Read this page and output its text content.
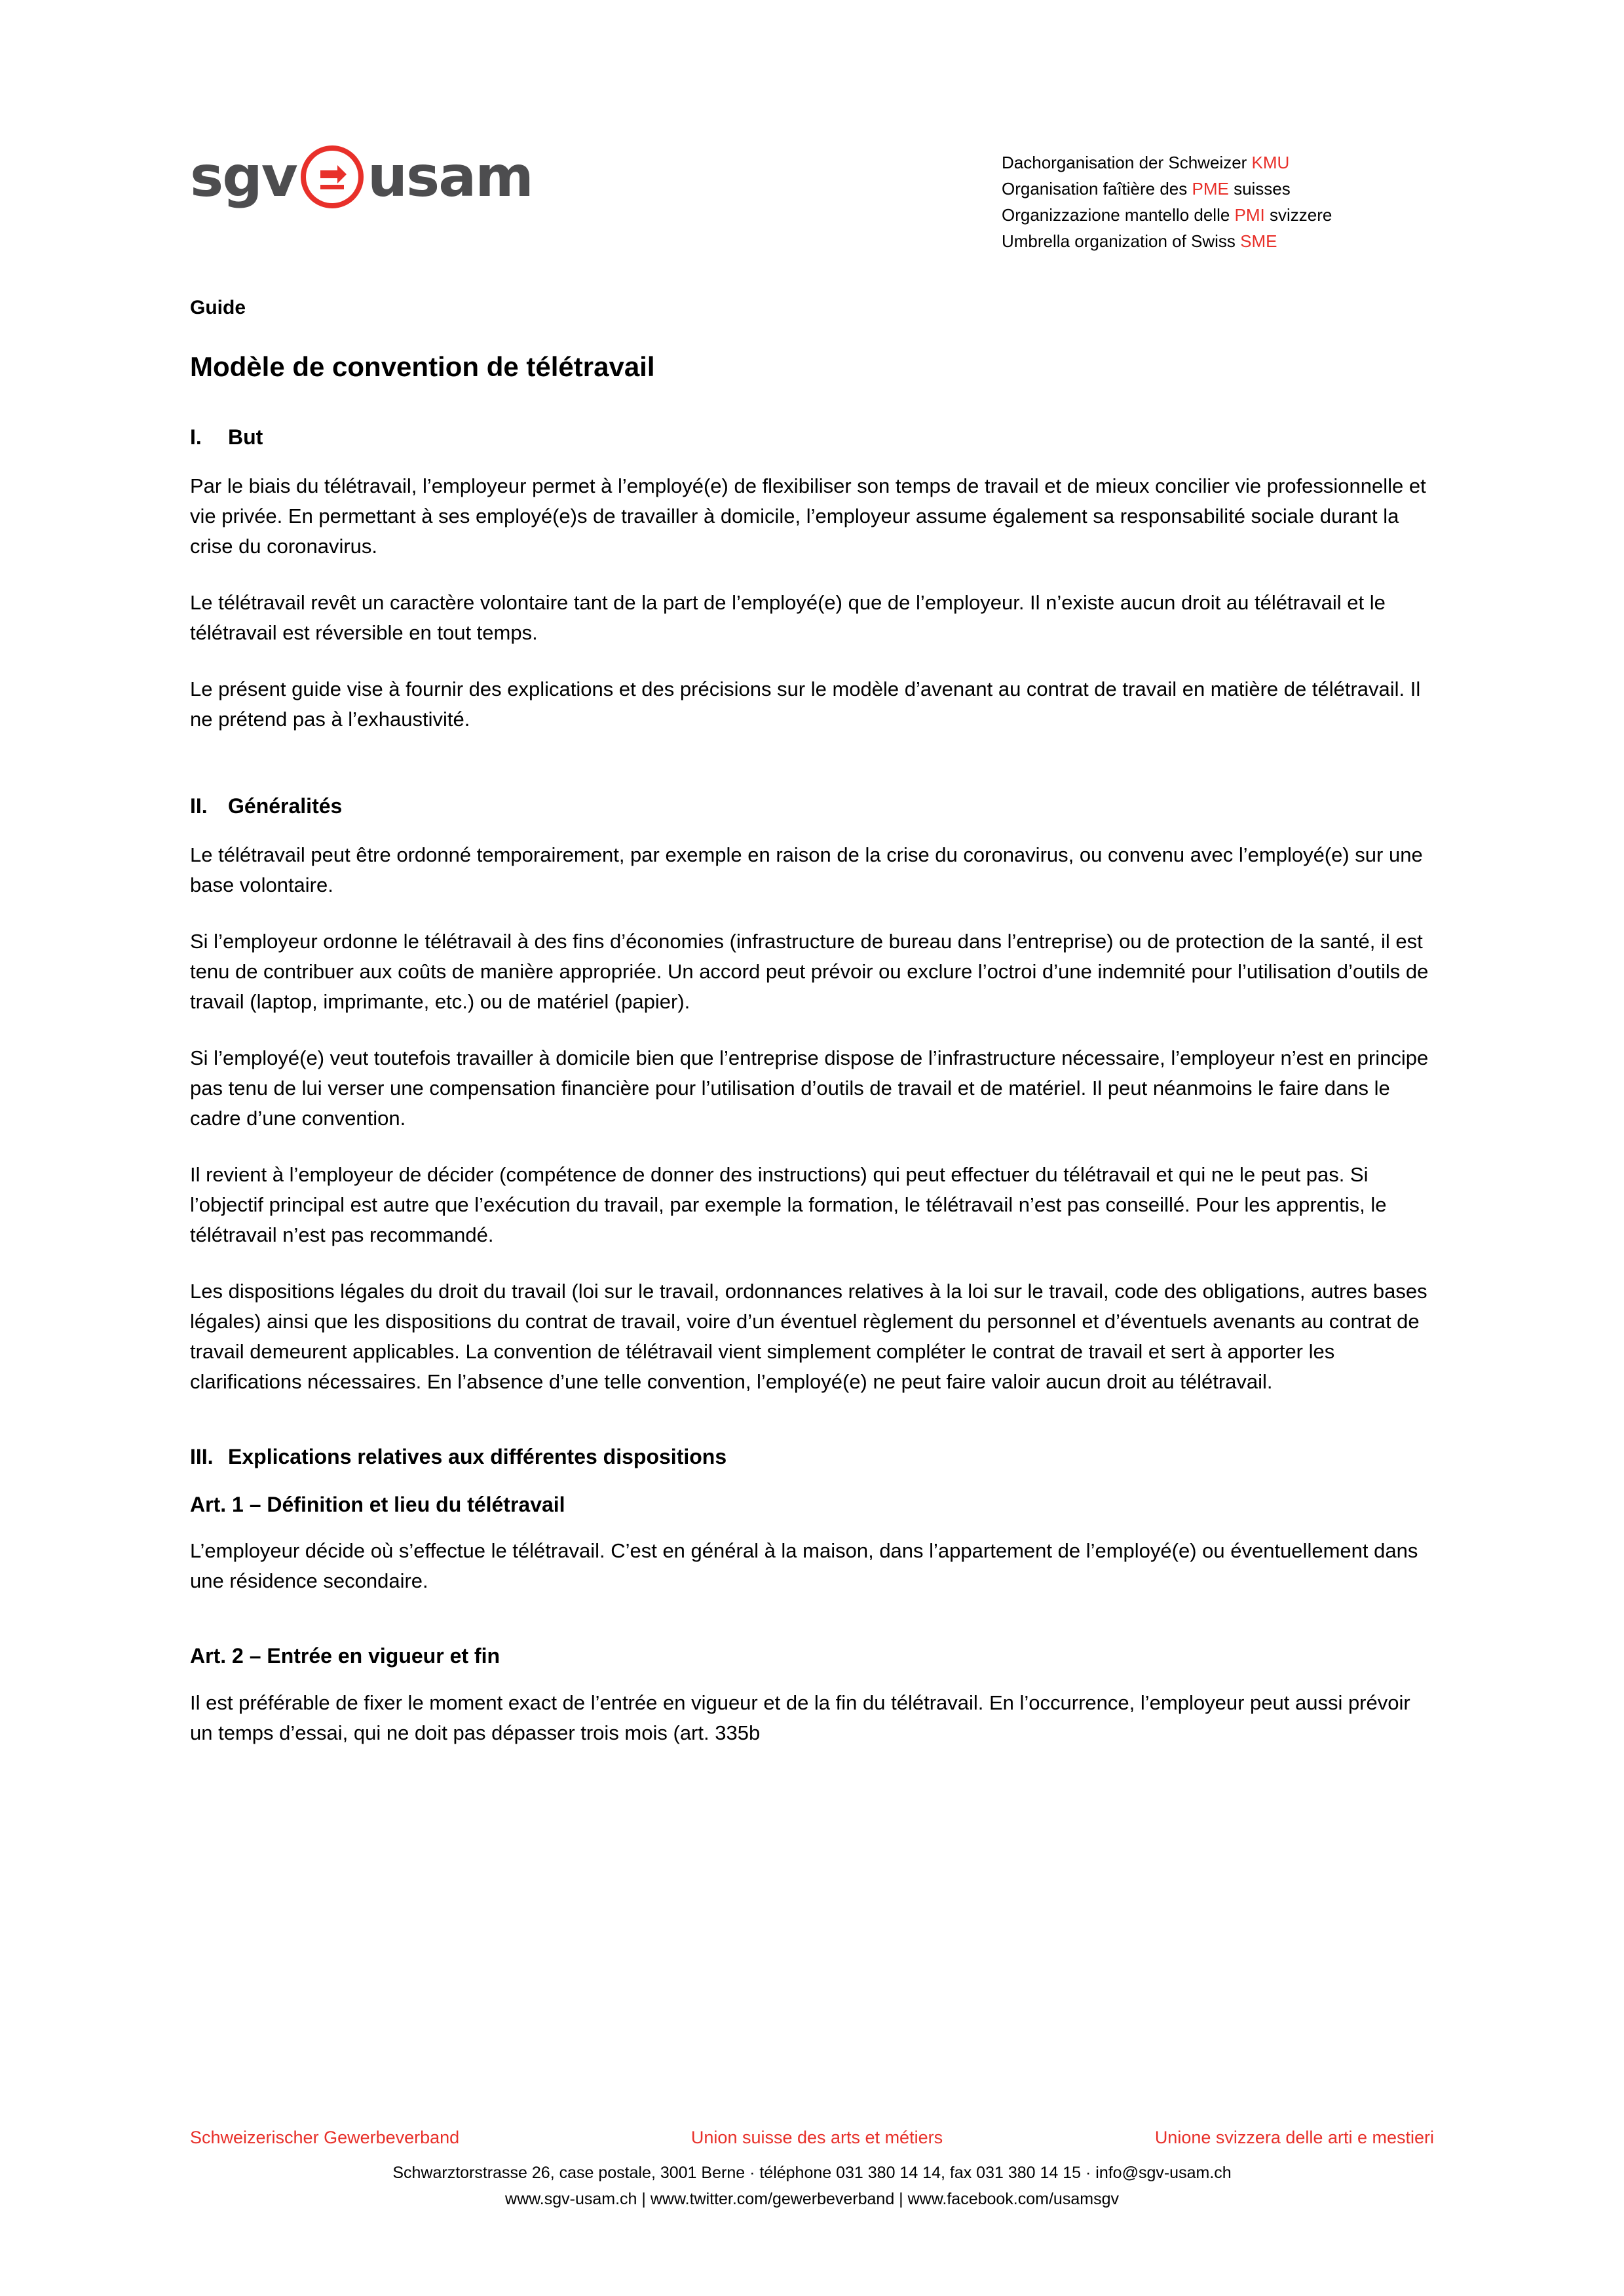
sgv usam	Dachorganisation der Schweizer KMU
Organisation faîtière des PME suisses
Organizzazione mantello delle PMI svizzere
Umbrella organization of Swiss SME
Guide
Modèle de convention de télétravail
I. But

Par le biais du télétravail, l’employeur permet à l’employé(e) de flexibiliser son temps de travail et de mieux concilier vie professionnelle et vie privée. En permettant à ses employé(e)s de travailler à domicile, l’employeur assume également sa responsabilité sociale durant la crise du coronavirus.

Le télétravail revêt un caractère volontaire tant de la part de l’employé(e) que de l’employeur. Il n’existe aucun droit au télétravail et le télétravail est réversible en tout temps.

Le présent guide vise à fournir des explications et des précisions sur le modèle d’avenant au contrat de travail en matière de télétravail. Il ne prétend pas à l’exhaustivité.

II. Généralités

Le télétravail peut être ordonné temporairement, par exemple en raison de la crise du coronavirus, ou convenu avec l’employé(e) sur une base volontaire.

Si l’employeur ordonne le télétravail à des fins d’économies (infrastructure de bureau dans l’entreprise) ou de protection de la santé, il est tenu de contribuer aux coûts de manière appropriée. Un accord peut prévoir ou exclure l’octroi d’une indemnité pour l’utilisation d’outils de travail (laptop, imprimante, etc.) ou de matériel (papier).

Si l’employé(e) veut toutefois travailler à domicile bien que l’entreprise dispose de l’infrastructure nécessaire, l’employeur n’est en principe pas tenu de lui verser une compensation financière pour l’utilisation d’outils de travail et de matériel. Il peut néanmoins le faire dans le cadre d’une convention.

Il revient à l’employeur de décider (compétence de donner des instructions) qui peut effectuer du télétravail et qui ne le peut pas. Si l’objectif principal est autre que l’exécution du travail, par exemple la formation, le télétravail n’est pas conseillé. Pour les apprentis, le télétravail n’est pas recommandé.

Les dispositions légales du droit du travail (loi sur le travail, ordonnances relatives à la loi sur le travail, code des obligations, autres bases légales) ainsi que les dispositions du contrat de travail, voire d’un éventuel règlement du personnel et d’éventuels avenants au contrat de travail demeurent applicables. La convention de télétravail vient simplement compléter le contrat de travail et sert à apporter les clarifications nécessaires. En l’absence d’une telle convention, l’employé(e) ne peut faire valoir aucun droit au télétravail.

III. Explications relatives aux différentes dispositions
Art. 1 – Définition et lieu du télétravail

L’employeur décide où s’effectue le télétravail. C’est en général à la maison, dans l’appartement de l’employé(e) ou éventuellement dans une résidence secondaire.

Art. 2 – Entrée en vigueur et fin

Il est préférable de fixer le moment exact de l’entrée en vigueur et de la fin du télétravail. En l’occurrence, l’employeur peut aussi prévoir un temps d’essai, qui ne doit pas dépasser trois mois (art. 335b

Schweizerischer Gewerbeverband	Union suisse des arts et métiers	Unione svizzera delle arti e mestieri
Schwarztorstrasse 26, case postale, 3001 Berne · téléphone 031 380 14 14, fax 031 380 14 15 · info@sgv-usam.ch
www.sgv-usam.ch | www.twitter.com/gewerbeverband | www.facebook.com/usamsgv
